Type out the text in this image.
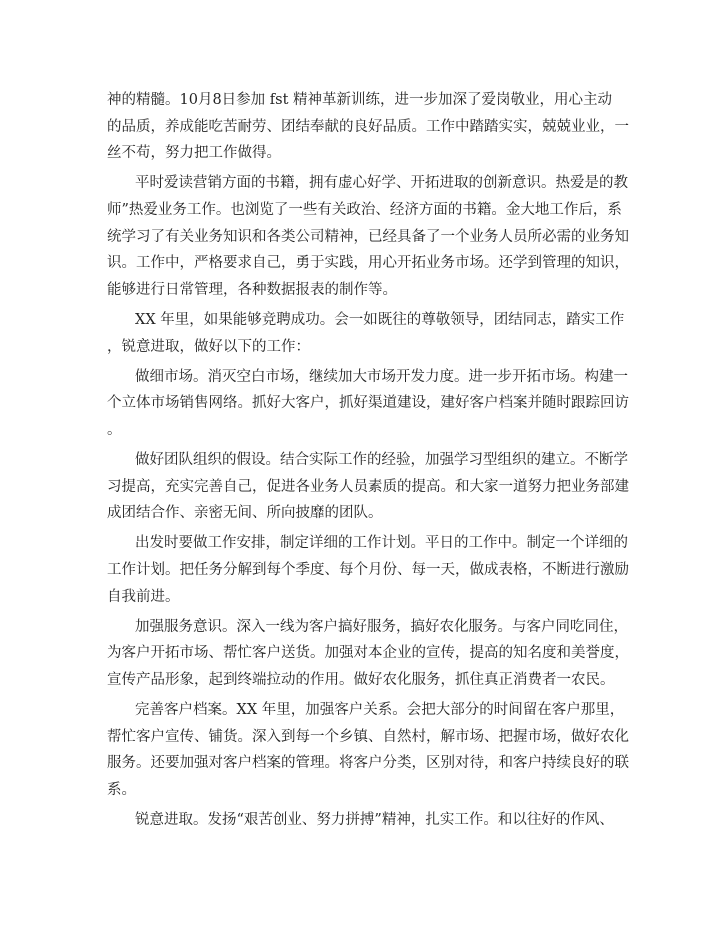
神的精髓。10月8日参加 fst 精神革新训练，进一步加深了爱岗敬业，用心主动
的品质，养成能吃苦耐劳、团结奉献的良好品质。工作中踏踏实实，兢兢业业，一
丝不苟，努力把工作做得。
平时爱读营销方面的书籍，拥有虚心好学、开拓进取的创新意识。热爱是的教
师”热爱业务工作。也浏览了一些有关政治、经济方面的书籍。金大地工作后，系
统学习了有关业务知识和各类公司精神，已经具备了一个业务人员所必需的业务知
识。工作中，严格要求自己，勇于实践，用心开拓业务市场。还学到管理的知识，
能够进行日常管理，各种数据报表的制作等。
XX 年里，如果能够竞聘成功。会一如既往的尊敬领导，团结同志，踏实工作
，锐意进取，做好以下的工作：
做细市场。消灭空白市场，继续加大市场开发力度。进一步开拓市场。构建一
个立体市场销售网络。抓好大客户，抓好渠道建设，建好客户档案并随时跟踪回访
。
做好团队组织的假设。结合实际工作的经验，加强学习型组织的建立。不断学
习提高，充实完善自己，促进各业务人员素质的提高。和大家一道努力把业务部建
成团结合作、亲密无间、所向披靡的团队。
出发时要做工作安排，制定详细的工作计划。平日的工作中。制定一个详细的
工作计划。把任务分解到每个季度、每个月份、每一天，做成表格，不断进行激励
自我前进。
加强服务意识。深入一线为客户搞好服务，搞好农化服务。与客户同吃同住，
为客户开拓市场、帮忙客户送货。加强对本企业的宣传，提高的知名度和美誉度，
宣传产品形象，起到终端拉动的作用。做好农化服务，抓住真正消费者一农民。
完善客户档案。XX 年里，加强客户关系。会把大部分的时间留在客户那里，
帮忙客户宣传、铺货。深入到每一个乡镇、自然村，解市场、把握市场，做好农化
服务。还要加强对客户档案的管理。将客户分类，区别对待，和客户持续良好的联
系。
锐意进取。发扬“艰苦创业、努力拼搏”精神，扎实工作。和以往好的作风、
